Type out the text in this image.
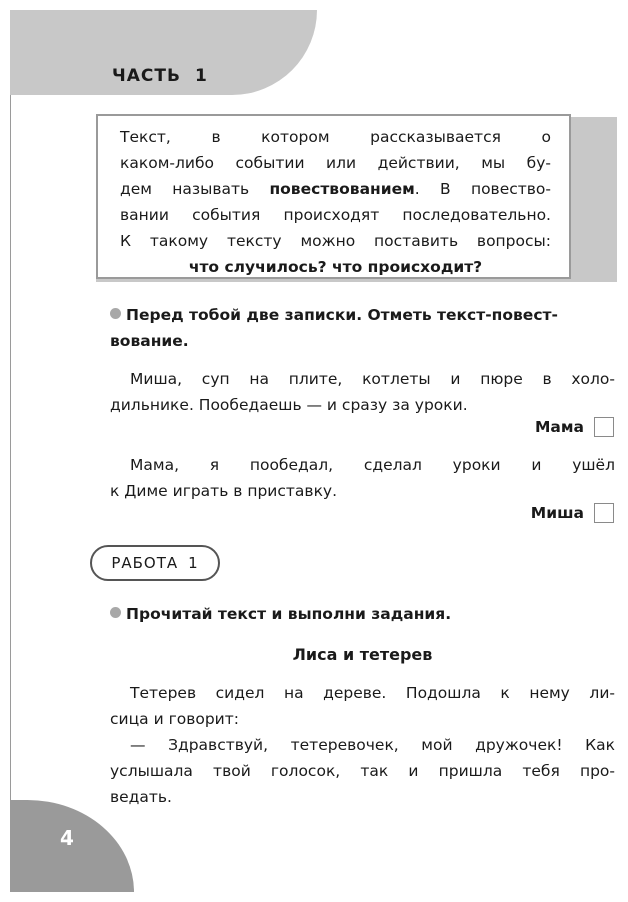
ЧАСТЬ 1
Текст, в котором рассказывается о
каком-либо событии или действии, мы бу-
дем называть повествованием. В повество-
вании события происходят последовательно.
К такому тексту можно поставить вопросы:
что случилось? что происходит?
Перед тобой две записки. Отметь текст-повест-
вование.
Миша, суп на плите, котлеты и пюре в холо-
дильнике. Пообедаешь — и сразу за уроки.
Мама
Мама, я пообедал, сделал уроки и ушёл
к Диме играть в приставку.
Миша
РАБОТА 1
Прочитай текст и выполни задания.
Лиса и тетерев
Тетерев сидел на дереве. Подошла к нему ли-
сица и говорит:
— Здравствуй, тетеревочек, мой дружочек! Как
услышала твой голосок, так и пришла тебя про-
ведать.
4
